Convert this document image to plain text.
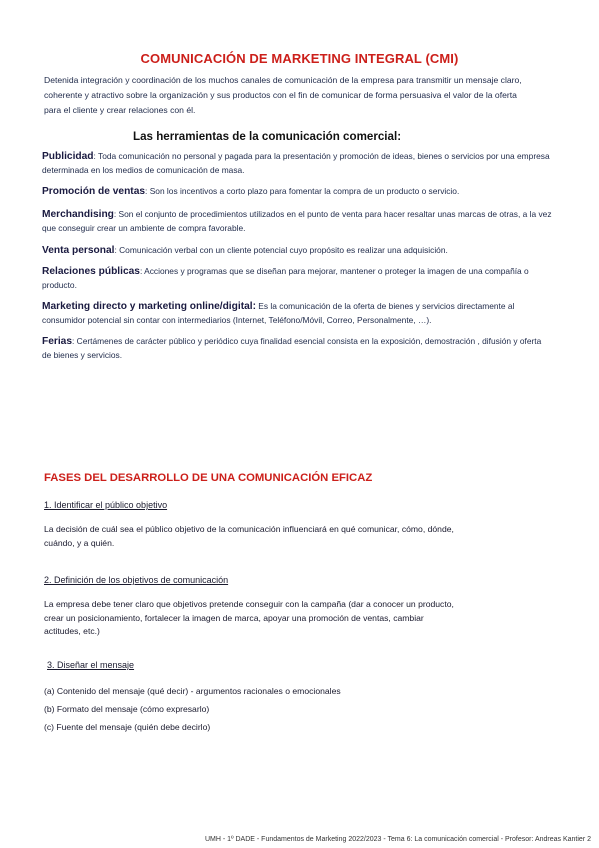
COMUNICACIÓN DE MARKETING INTEGRAL (CMI)
Detenida integración y coordinación de los muchos canales de comunicación de la empresa para transmitir un mensaje claro, coherente y atractivo sobre la organización y sus productos con el fin de comunicar de forma persuasiva el valor de la oferta para el cliente y crear relaciones con él.
Las herramientas de la comunicación comercial:
Publicidad: Toda comunicación no personal y pagada para la presentación y promoción de ideas, bienes o servicios por una empresa determinada en los medios de comunicación de masa.
Promoción de ventas: Son los incentivos a corto plazo para fomentar la compra de un producto o servicio.
Merchandising: Son el conjunto de procedimientos utilizados en el punto de venta para hacer resaltar unas marcas de otras, a la vez que conseguir crear un ambiente de compra favorable.
Venta personal: Comunicación verbal con un cliente potencial cuyo propósito es realizar una adquisición.
Relaciones públicas: Acciones y programas que se diseñan para mejorar, mantener o proteger la imagen de una compañía o producto.
Marketing directo y marketing online/digital: Es la comunicación de la oferta de bienes y servicios directamente al consumidor potencial sin contar con intermediarios (Internet, Teléfono/Móvil, Correo, Personalmente, …).
Ferias: Certámenes de carácter público y periódico cuya finalidad esencial consista en la exposición, demostración , difusión y oferta de bienes y servicios.
FASES DEL DESARROLLO DE UNA COMUNICACIÓN EFICAZ
1. Identificar el público objetivo
La decisión de cuál sea el público objetivo de la comunicación influenciará en qué comunicar, cómo, dónde, cuándo, y a quién.
2. Definición de los objetivos de comunicación
La empresa debe tener claro que objetivos pretende conseguir con la campaña (dar a conocer un producto, crear un posicionamiento, fortalecer la imagen de marca, apoyar una promoción de ventas, cambiar actitudes, etc.)
3. Diseñar el mensaje
(a) Contenido del mensaje (qué decir) - argumentos racionales o emocionales
(b) Formato del mensaje (cómo expresarlo)
(c) Fuente del mensaje (quién debe decirlo)
UMH - 1º DADE - Fundamentos de Marketing 2022/2023 - Tema 6: La comunicación comercial - Profesor: Andreas Kantier 2
